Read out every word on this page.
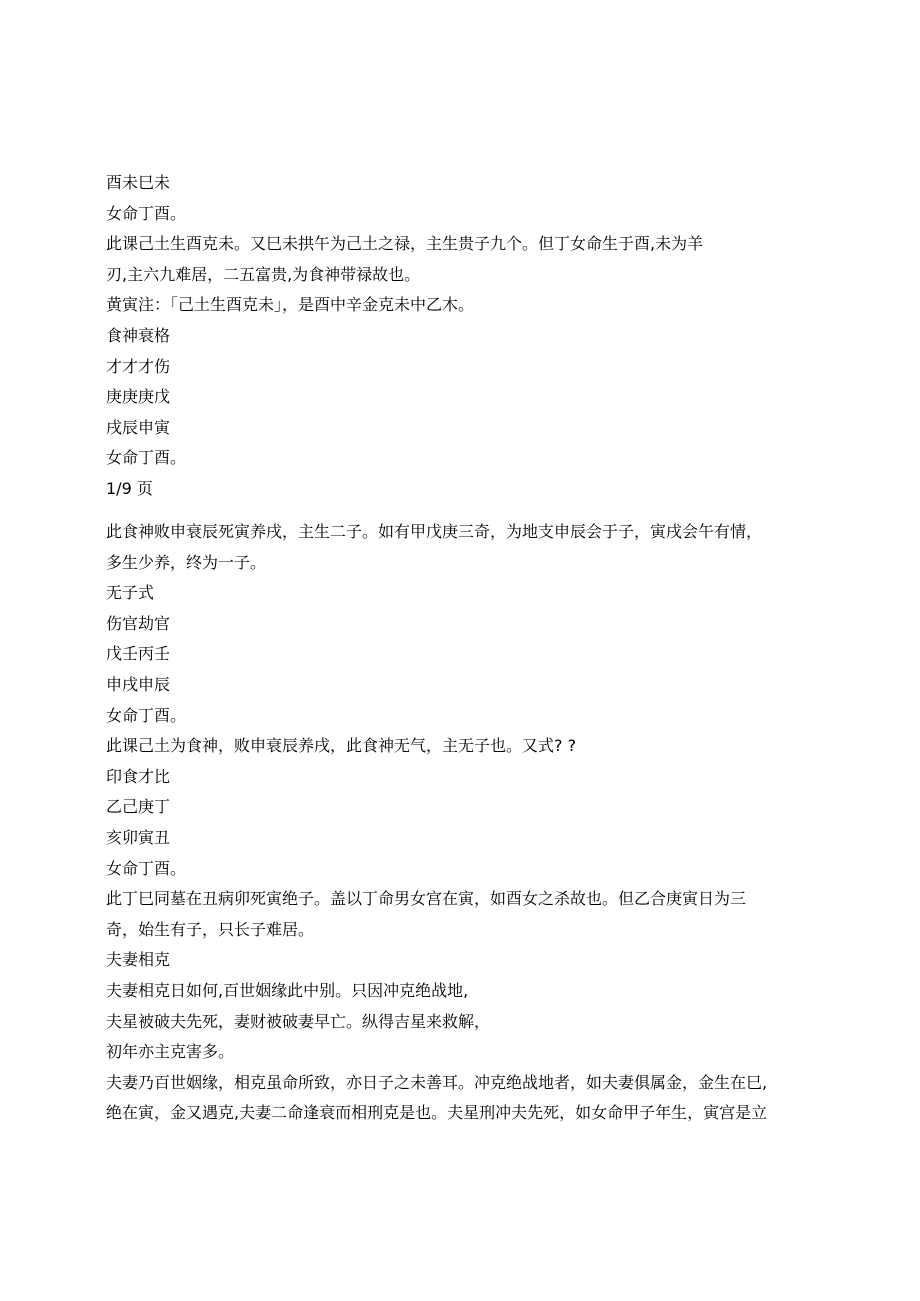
酉未巳未
女命丁酉。
此课己土生酉克未。又巳未拱午为己土之禄，主生贵子九个。但丁女命生于酉,未为羊
刃,主六九难居，二五富贵,为食神带禄故也。
黄寅注：「己土生酉克未」，是酉中辛金克未中乙木。
食神衰格
才才才伤
庚庚庚戊
戌辰申寅
女命丁酉。
1/9 页
此食神败申衰辰死寅养戌，主生二子。如有甲戊庚三奇，为地支申辰会于子，寅戌会午有情，
多生少养，终为一子。
无子式
伤官劫官
戊壬丙壬
申戌申辰
女命丁酉。
此课己土为食神，败申衰辰养戌，此食神无气，主无子也。又式? ?
印食才比
乙己庚丁
亥卯寅丑
女命丁酉。
此丁巳同墓在丑病卯死寅绝子。盖以丁命男女宫在寅，如酉女之杀故也。但乙合庚寅日为三
奇，始生有子，只长子难居。
夫妻相克
夫妻相克日如何,百世姻缘此中别。只因冲克绝战地,
夫星被破夫先死，妻财被破妻早亡。纵得吉星来救解，
初年亦主克害多。
夫妻乃百世姻缘，相克虽命所致，亦日子之未善耳。冲克绝战地者，如夫妻俱属金，金生在巳,
绝在寅，金又遇克,夫妻二命逢衰而相刑克是也。夫星刑冲夫先死，如女命甲子年生，寅宫是立
